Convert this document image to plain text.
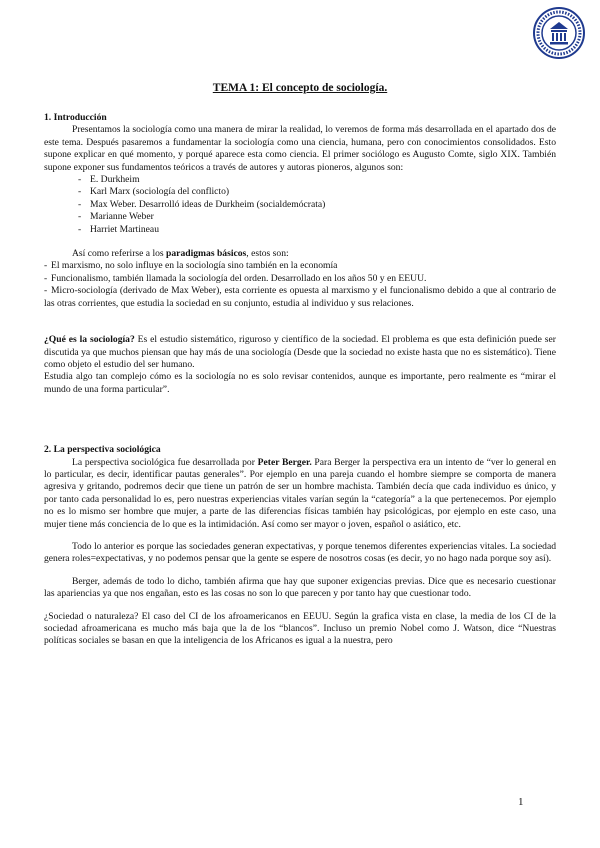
TEMA 1: El concepto de sociología.

1. Introducción

Presentamos la sociología como una manera de mirar la realidad, lo veremos de forma más desarrollada en el apartado dos de este tema. Después pasaremos a fundamentar la sociología como una ciencia, humana, pero con conocimientos consolidados. Esto supone explicar en qué momento, y porqué aparece esta como ciencia. El primer sociólogo es Augusto Comte, siglo XIX. También supone exponer sus fundamentos teóricos a través de autores y autoras pioneros, algunos son:

- E. Durkheim
- Karl Marx (sociología del conflicto)
- Max Weber. Desarrolló ideas de Durkheim (socialdemócrata)
- Marianne Weber
- Harriet Martineau

Así como referirse a los paradigmas básicos, estos son:

- El marxismo, no solo influye en la sociología sino también en la economía
- Funcionalismo, también llamada la sociología del orden. Desarrollado en los años 50 y en EEUU.
- Micro-sociología (derivado de Max Weber), esta corriente es opuesta al marxismo y el funcionalismo debido a que al contrario de las otras corrientes, que estudia la sociedad en su conjunto, estudia al individuo y sus relaciones.

¿Qué es la sociología? Es el estudio sistemático, riguroso y científico de la sociedad. El problema es que esta definición puede ser discutida ya que muchos piensan que hay más de una sociología (Desde que la sociedad no existe hasta que no es sistemático). Tiene como objeto el estudio del ser humano.

Estudia algo tan complejo cómo es la sociología no es solo revisar contenidos, aunque es importante, pero realmente es “mirar el mundo de una forma particular”.

2. La perspectiva sociológica

La perspectiva sociológica fue desarrollada por Peter Berger. Para Berger la perspectiva era un intento de “ver lo general en lo particular, es decir, identificar pautas generales”. Por ejemplo en una pareja cuando el hombre siempre se comporta de manera agresiva y gritando, podremos decir que tiene un patrón de ser un hombre machista. También decía que cada individuo es único, y por tanto cada personalidad lo es, pero nuestras experiencias vitales varían según la “categoría” a la que pertenecemos. Por ejemplo no es lo mismo ser hombre que mujer, a parte de las diferencias físicas también hay psicológicas, por ejemplo en este caso, una mujer tiene más conciencia de lo que es la intimidación. Así como ser mayor o joven, español o asiático, etc.

Todo lo anterior es porque las sociedades generan expectativas, y porque tenemos diferentes experiencias vitales. La sociedad genera roles=expectativas, y no podemos pensar que la gente se espere de nosotros cosas (es decir, yo no hago nada porque soy así).

Berger, además de todo lo dicho, también afirma que hay que suponer exigencias previas. Dice que es necesario cuestionar las apariencias ya que nos engañan, esto es las cosas no son lo que parecen y por tanto hay que cuestionar todo.

¿Sociedad o naturaleza? El caso del CI de los afroamericanos en EEUU. Según la grafica vista en clase, la media de los CI de la sociedad afroamericana es mucho más baja que la de los “blancos”. Incluso un premio Nobel como J. Watson, dice “Nuestras políticas sociales se basan en que la inteligencia de los Africanos es igual a la nuestra, pero

1
